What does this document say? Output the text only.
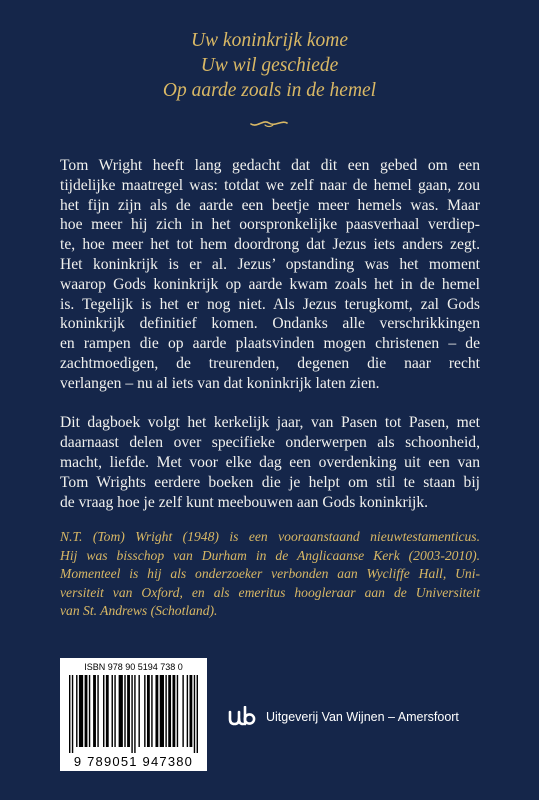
Uw koninkrijk kome
Uw wil geschiede
Op aarde zoals in de hemel
Tom Wright heeft lang gedacht dat dit een gebed om een
tijdelijke maatregel was: totdat we zelf naar de hemel gaan, zou
het fijn zijn als de aarde een beetje meer hemels was. Maar
hoe meer hij zich in het oorspronkelijke paasverhaal verdiep-
te, hoe meer het tot hem doordrong dat Jezus iets anders zegt.
Het koninkrijk is er al. Jezus’ opstanding was het moment
waarop Gods koninkrijk op aarde kwam zoals het in de hemel
is. Tegelijk is het er nog niet. Als Jezus terugkomt, zal Gods
koninkrijk definitief komen. Ondanks alle verschrikkingen
en rampen die op aarde plaatsvinden mogen christenen – de
zachtmoedigen, de treurenden, degenen die naar recht
verlangen – nu al iets van dat koninkrijk laten zien.
Dit dagboek volgt het kerkelijk jaar, van Pasen tot Pasen, met
daarnaast delen over specifieke onderwerpen als schoonheid,
macht, liefde. Met voor elke dag een overdenking uit een van
Tom Wrights eerdere boeken die je helpt om stil te staan bij
de vraag hoe je zelf kunt meebouwen aan Gods koninkrijk.
N.T. (Tom) Wright (1948) is een vooraanstaand nieuwtestamenticus.
Hij was bisschop van Durham in de Anglicaanse Kerk (2003-2010).
Momenteel is hij als onderzoeker verbonden aan Wycliffe Hall, Uni-
versiteit van Oxford, en als emeritus hoogleraar aan de Universiteit
van St. Andrews (Schotland).
ISBN 978 90 5194 738 0
9 789051 947380
Uitgeverij Van Wijnen – Amersfoort
